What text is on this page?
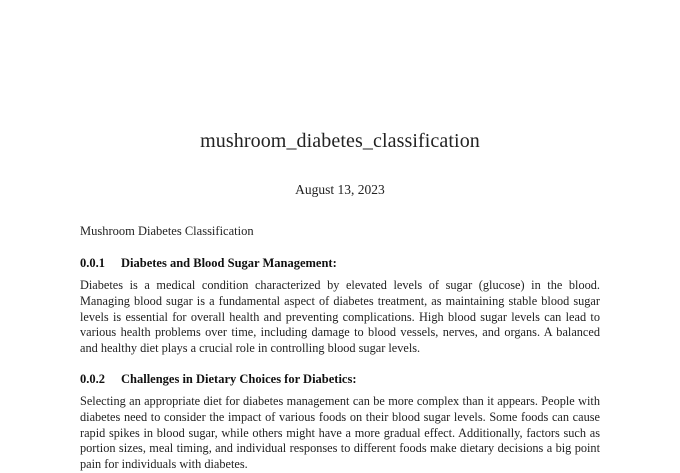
mushroom_diabetes_classification
August 13, 2023
Mushroom Diabetes Classification
0.0.1 Diabetes and Blood Sugar Management:

Diabetes is a medical condition characterized by elevated levels of sugar (glucose) in the blood. Managing blood sugar is a fundamental aspect of diabetes treatment, as maintaining stable blood sugar levels is essential for overall health and preventing complications. High blood sugar levels can lead to various health problems over time, including damage to blood vessels, nerves, and organs. A balanced and healthy diet plays a crucial role in controlling blood sugar levels.

0.0.2 Challenges in Dietary Choices for Diabetics:

Selecting an appropriate diet for diabetes management can be more complex than it appears. People with diabetes need to consider the impact of various foods on their blood sugar levels. Some foods can cause rapid spikes in blood sugar, while others might have a more gradual effect. Additionally, factors such as portion sizes, meal timing, and individual responses to different foods make dietary decisions a big point pain for individuals with diabetes.
